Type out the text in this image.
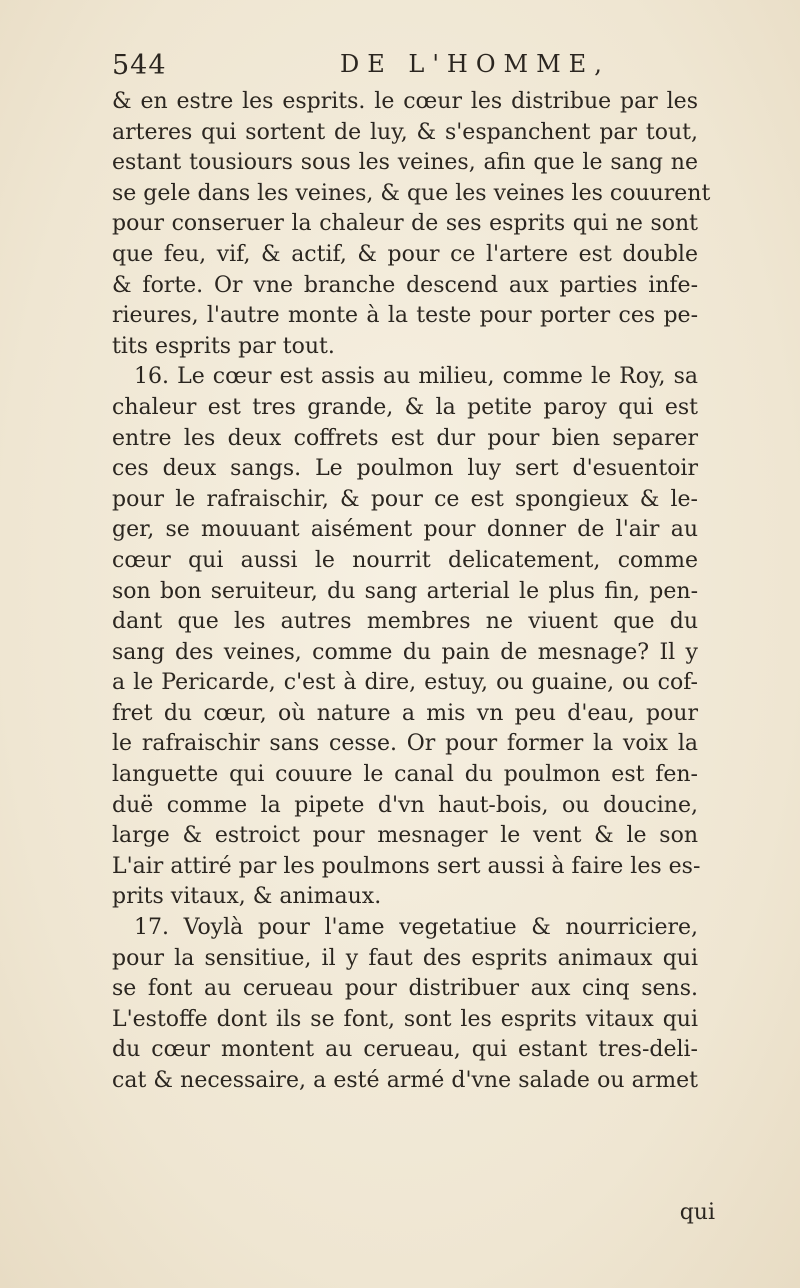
544	DE L'HOMME,
& en estre les esprits. le cœur les distribue par les
arteres qui sortent de luy, & s'espanchent par tout,
estant tousiours sous les veines, afin que le sang ne
se gele dans les veines, & que les veines les couurent
pour conseruer la chaleur de ses esprits qui ne sont
que feu, vif, & actif, & pour ce l'artere est double
& forte. Or vne branche descend aux parties infe-
rieures, l'autre monte à la teste pour porter ces pe-
tits esprits par tout.
16. Le cœur est assis au milieu, comme le Roy, sa
chaleur est tres grande, & la petite paroy qui est
entre les deux coffrets est dur pour bien separer
ces deux sangs. Le poulmon luy sert d'esuentoir
pour le rafraischir, & pour ce est spongieux & le-
ger, se mouuant aisément pour donner de l'air au
cœur qui aussi le nourrit delicatement, comme
son bon seruiteur, du sang arterial le plus fin, pen-
dant que les autres membres ne viuent que du
sang des veines, comme du pain de mesnage? Il y
a le Pericarde, c'est à dire, estuy, ou guaine, ou cof-
fret du cœur, où nature a mis vn peu d'eau, pour
le rafraischir sans cesse. Or pour former la voix la
languette qui couure le canal du poulmon est fen-
duë comme la pipete d'vn haut-bois, ou doucine,
large & estroict pour mesnager le vent & le son
L'air attiré par les poulmons sert aussi à faire les es-
prits vitaux, & animaux.
17. Voylà pour l'ame vegetatiue & nourriciere,
pour la sensitiue, il y faut des esprits animaux qui
se font au cerueau pour distribuer aux cinq sens.
L'estoffe dont ils se font, sont les esprits vitaux qui
du cœur montent au cerueau, qui estant tres-deli-
cat & necessaire, a esté armé d'vne salade ou armet
qui
